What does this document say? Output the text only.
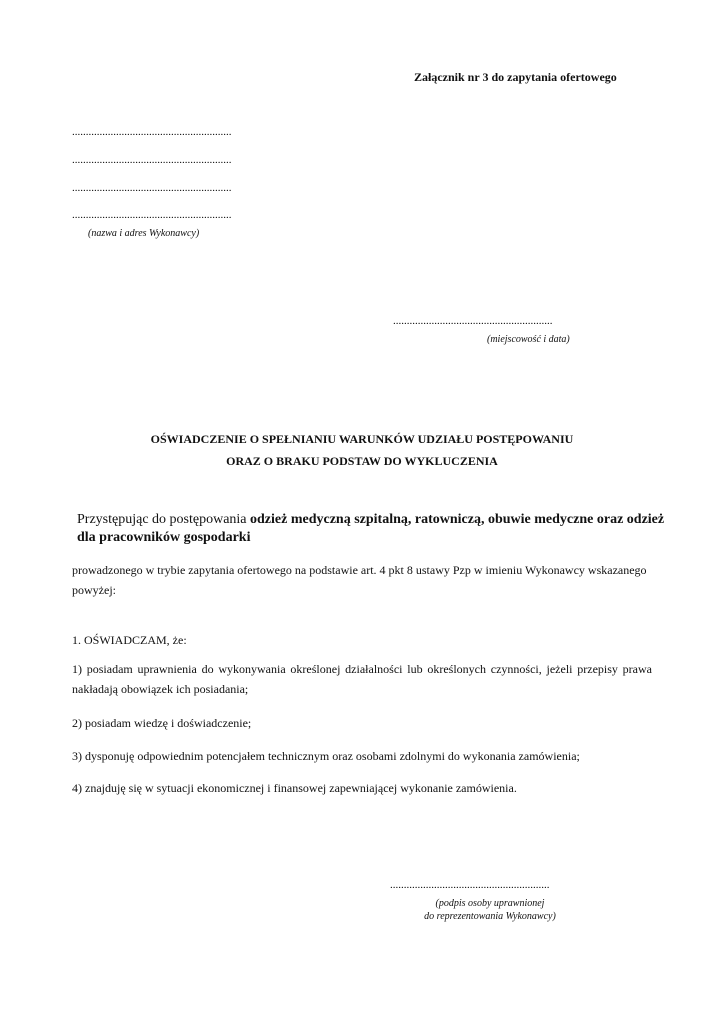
Załącznik nr 3 do zapytania ofertowego
..........................................................
..........................................................
..........................................................
..........................................................
(nazwa i adres Wykonawcy)
..........................................................
(miejscowość i data)
OŚWIADCZENIE O SPEŁNIANIU WARUNKÓW UDZIAŁU POSTĘPOWANIU
ORAZ O BRAKU PODSTAW DO WYKLUCZENIA
Przystępując do postępowania odzież medyczną szpitalną, ratowniczą, obuwie medyczne oraz odzież dla pracowników gospodarki
prowadzonego w trybie zapytania ofertowego na podstawie art. 4 pkt 8 ustawy Pzp w imieniu Wykonawcy wskazanego powyżej:
1. OŚWIADCZAM, że:
1) posiadam uprawnienia do wykonywania określonej działalności lub określonych czynności, jeżeli przepisy prawa nakładają obowiązek ich posiadania;
2) posiadam wiedzę i doświadczenie;
3) dysponuję odpowiednim potencjałem technicznym oraz osobami zdolnymi do wykonania zamówienia;
4) znajduję się w sytuacji ekonomicznej i finansowej zapewniającej wykonanie zamówienia.
..........................................................
(podpis osoby uprawnionej
do reprezentowania Wykonawcy)
